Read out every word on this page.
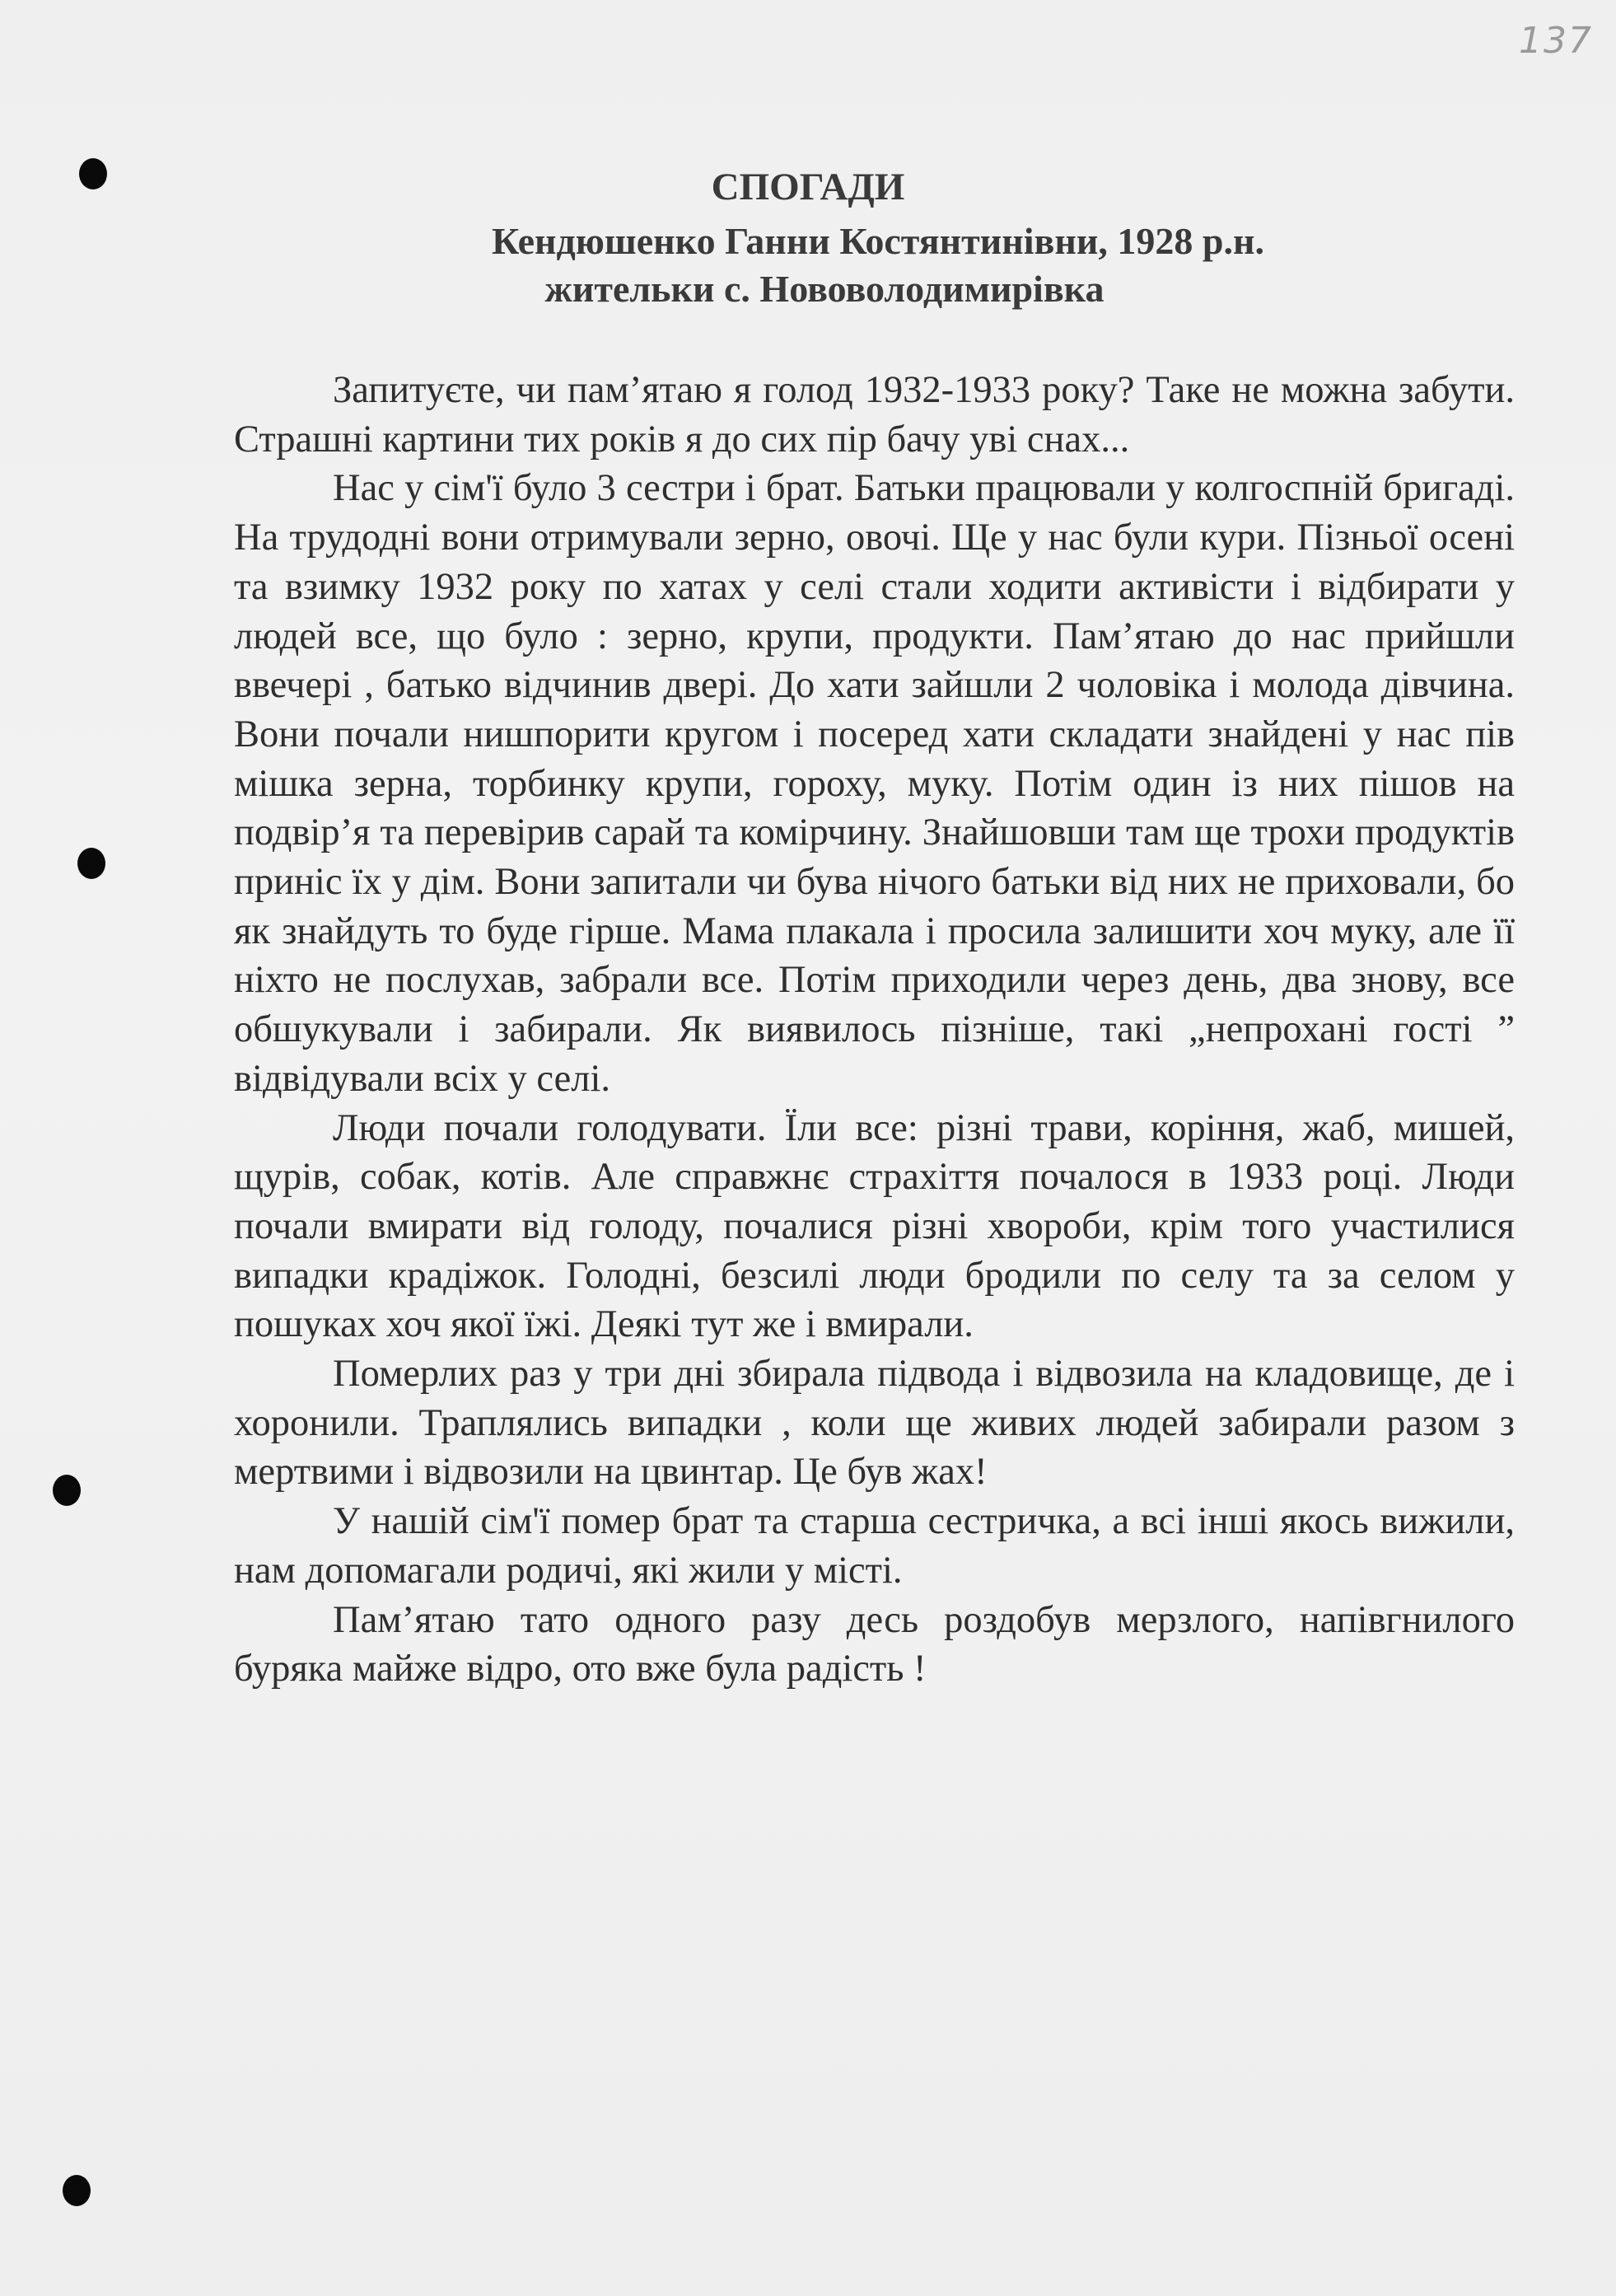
137
СПОГАДИ
Кендюшенко Ганни Костянтинівни, 1928 р.н.
жительки с. Нововолодимирівка

Запитуєте, чи пам’ятаю я голод 1932-1933 року? Таке не можна забути. Страшні картини тих років я до сих пір бачу уві снах...

Нас у сім'ї було 3 сестри і брат. Батьки працювали у колгоспній бригаді. На трудодні вони отримували зерно, овочі. Ще у нас були кури. Пізньої осені та взимку 1932 року по хатах у селі стали ходити активісти і відбирати у людей все, що було : зерно, крупи, продукти. Пам’ятаю до нас прийшли ввечері , батько відчинив двері. До хати зайшли 2 чоловіка і молода дівчина. Вони почали нишпорити кругом і посеред хати складати знайдені у нас пів мішка зерна, торбинку крупи, гороху, муку. Потім один із них пішов на подвір’я та перевірив сарай та комірчину. Знайшовши там ще трохи продуктів приніс їх у дім. Вони запитали чи бува нічого батьки від них не приховали, бо як знайдуть то буде гірше. Мама плакала і просила залишити хоч муку, але її ніхто не послухав, забрали все. Потім приходили через день, два знову, все обшукували і забирали. Як виявилось пізніше, такі „непрохані гості ” відвідували всіх у селі.

Люди почали голодувати. Їли все: різні трави, коріння, жаб, мишей, щурів, собак, котів. Але справжнє страхіття почалося в 1933 році. Люди почали вмирати від голоду, почалися різні хвороби, крім того участилися випадки крадіжок. Голодні, безсилі люди бродили по селу та за селом у пошуках хоч якої їжі. Деякі тут же і вмирали.

Померлих раз у три дні збирала підвода і відвозила на кладовище, де і хоронили. Траплялись випадки , коли ще живих людей забирали разом з мертвими і відвозили на цвинтар. Це був жах!

У нашій сім'ї помер брат та старша сестричка, а всі інші якось вижили, нам допомагали родичі, які жили у місті.

Пам’ятаю тато одного разу десь роздобув мерзлого, напівгнилого буряка майже відро, ото вже була радість !
